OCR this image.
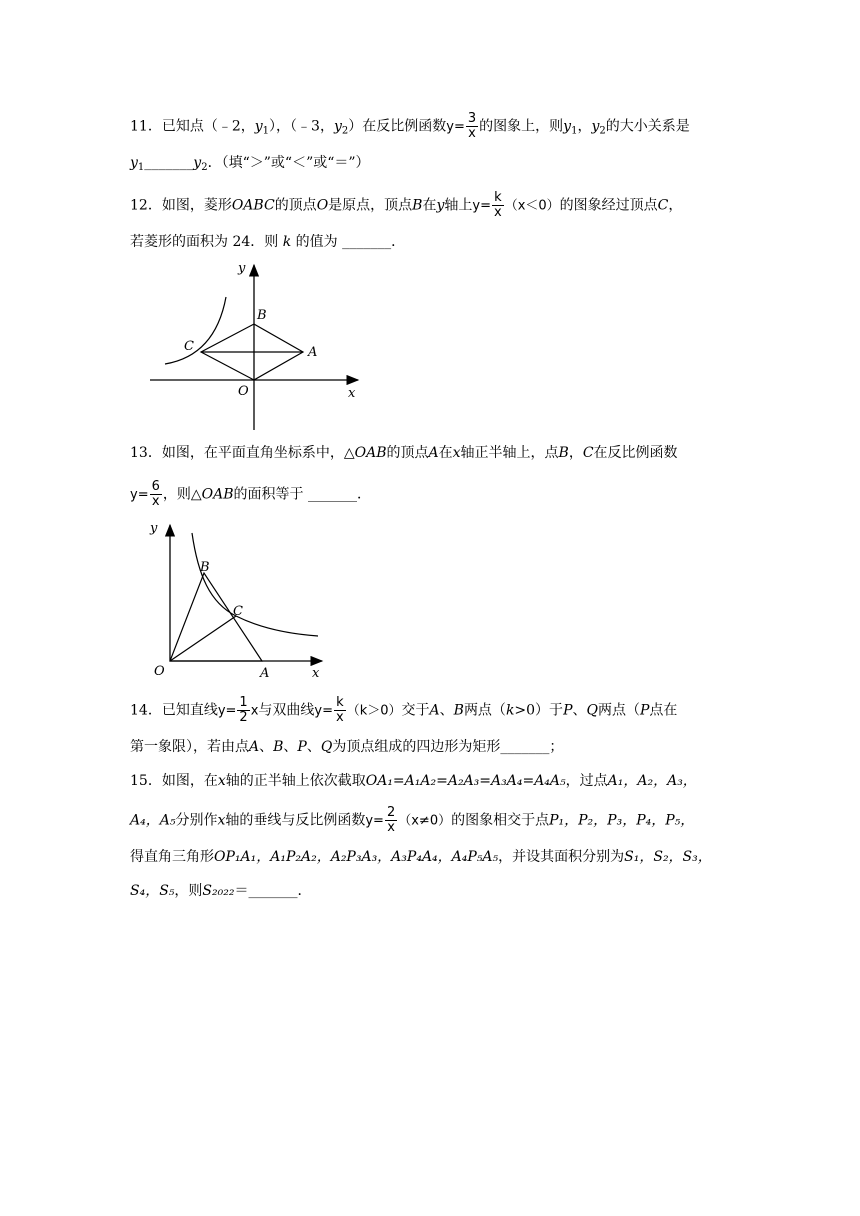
11．已知点（﹣2，$y_1$），（﹣3，$y_2$）在反比例函数$y= \frac{3}{x}$ 的图象上，则$y_1$，$y_2$的大小关系是
$y_1\_\_\_\_\_\_\_y_2$．（填“＞”或“＜”或“＝”）
12．如图，菱形OABC的顶点O是原点，顶点B在y轴上$y= \frac{k}{x} (x<0)$的图象经过顶点C，
若菱形的面积为 24．则 k 的值为 _______．
y
x
O
A
B
C
13．如图，在平面直角坐标系中，△OAB的顶点A在x轴正半轴上，点B，C在反比例函数
$y= \frac{6}{x}$ ，则△OAB的面积等于 _______．
y
x
O	A
B
C
14．已知直线$y= \frac{1}{2}$ x与双曲线$y= \frac{k}{x} (k>0)$交于A、B两点（k>0）于P、Q两点（P点在
第一象限），若由点A、B、P、Q为顶点组成的四边形为矩形_______；
15．如图，在x轴的正半轴上依次截取OA₁=A₁A₂=A₂A₃=A₃A₄=A₄A₅，过点A₁，A₂，A₃，
A₄，A₅分别作x轴的垂线与反比例函数$y= \frac{2}{x} (x\ne 0)$的图象相交于点P₁，P₂，P₃，P₄，P₅，
得直角三角形OP₁A₁，A₁P₂A₂，A₂P₃A₃，A₃P₄A₄，A₄P₅A₅，并设其面积分别为S₁，S₂，S₃，
S₄，S₅，则S₂₀₂₂＝_______．
